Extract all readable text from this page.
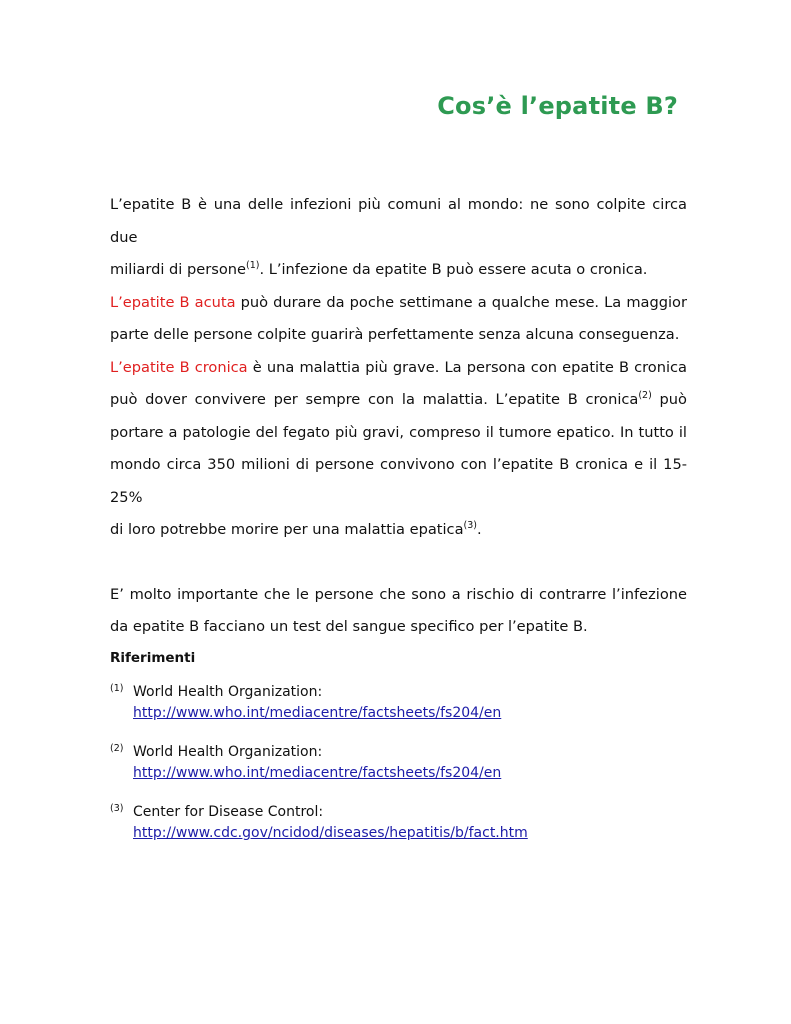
Cos’è l’epatite B?

L’epatite B è una delle infezioni più comuni al mondo: ne sono colpite circa due

miliardi di persone$^{(1)}$. L’infezione da epatite B può essere acuta o cronica.

L’epatite B acuta può durare da poche settimane a qualche mese. La maggior

parte delle persone colpite guarirà perfettamente senza alcuna conseguenza.

L’epatite B cronica è una malattia più grave. La persona con epatite B cronica

può dover convivere per sempre con la malattia. L’epatite B cronica$^{(2)}$ può

portare a patologie del fegato più gravi, compreso il tumore epatico. In tutto il

mondo circa 350 milioni di persone convivono con l’epatite B cronica e il 15-25%

di loro potrebbe morire per una malattia epatica$^{(3)}$.

E’ molto importante che le persone che sono a rischio di contrarre l’infezione

da epatite B facciano un test del sangue specifico per l’epatite B.

Riferimenti
(1) World Health Organization:
http://www.who.int/mediacentre/factsheets/fs204/en
(2) World Health Organization:
http://www.who.int/mediacentre/factsheets/fs204/en
(3) Center for Disease Control:
http://www.cdc.gov/ncidod/diseases/hepatitis/b/fact.htm
